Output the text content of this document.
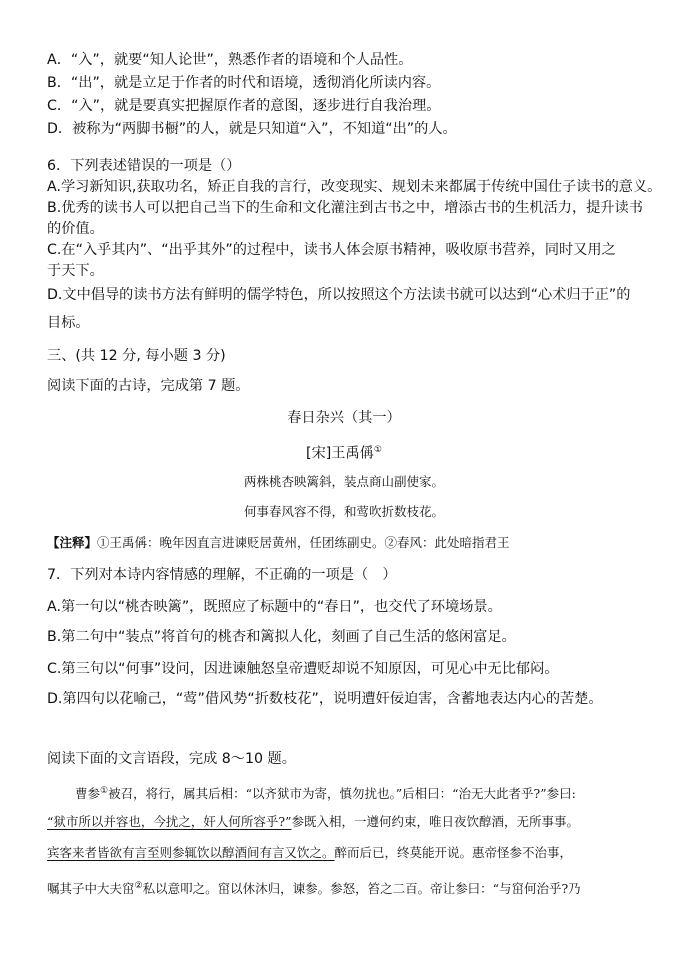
A．“入”，就要“知人论世”，熟悉作者的语境和个人品性。
B．“出”，就是立足于作者的时代和语境，透彻消化所读内容。
C．“入”，就是要真实把握原作者的意图，逐步进行自我治理。
D．被称为“两脚书橱”的人，就是只知道“入”，不知道“出”的人。
6．下列表述错误的一项是（）
A.学习新知识,获取功名，矫正自我的言行，改变现实、规划未来都属于传统中国仕子读书的意义。
B.优秀的读书人可以把自己当下的生命和文化灌注到古书之中，增添古书的生机活力，提升读书
的价值。
C.在“入乎其内”、“出乎其外”的过程中，读书人体会原书精神，吸收原书营养，同时又用之
于天下。
D.文中倡导的读书方法有鲜明的儒学特色，所以按照这个方法读书就可以达到“心术归于正”的
目标。
三、(共 12 分, 每小题 3 分)
阅读下面的古诗，完成第 7 题。
春日杂兴（其一）
[宋]王禹偁①
两株桃杏映篱斜，装点商山副使家。
何事春风容不得，和莺吹折数枝花。
【注释】①王禹偁：晚年因直言进谏贬居黄州，任团练副史。②春风：此处暗指君王
7．下列对本诗内容情感的理解，不正确的一项是（　）
A.第一句以“桃杏映篱”，既照应了标题中的“春日”，也交代了环境场景。
B.第二句中“装点”将首句的桃杏和篱拟人化，刻画了自己生活的悠闲富足。
C.第三句以“何事”设问，因进谏触怒皇帝遭贬却说不知原因，可见心中无比郁闷。
D.第四句以花喻己，“莺”借风势“折数枝花”，说明遭奸佞迫害，含蓄地表达内心的苦楚。
阅读下面的文言语段，完成 8～10 题。
曹参①被召，将行，属其后相：“以齐狱市为寄，慎勿扰也。”后相曰：“治无大此者乎?”参曰:
“狱市所以并容也，今扰之，奸人何所容乎?”参既入相，一遵何约束，唯日夜饮醇酒，无所事事。
宾客来者皆欲有言至则参辄饮以醇酒间有言又饮之。醉而后已，终莫能开说。惠帝怪参不治事，
嘱其子中大夫窋②私以意叩之。窋以休沐归，谏参。参怒，笞之二百。帝让参曰：“与窋何治乎?乃
